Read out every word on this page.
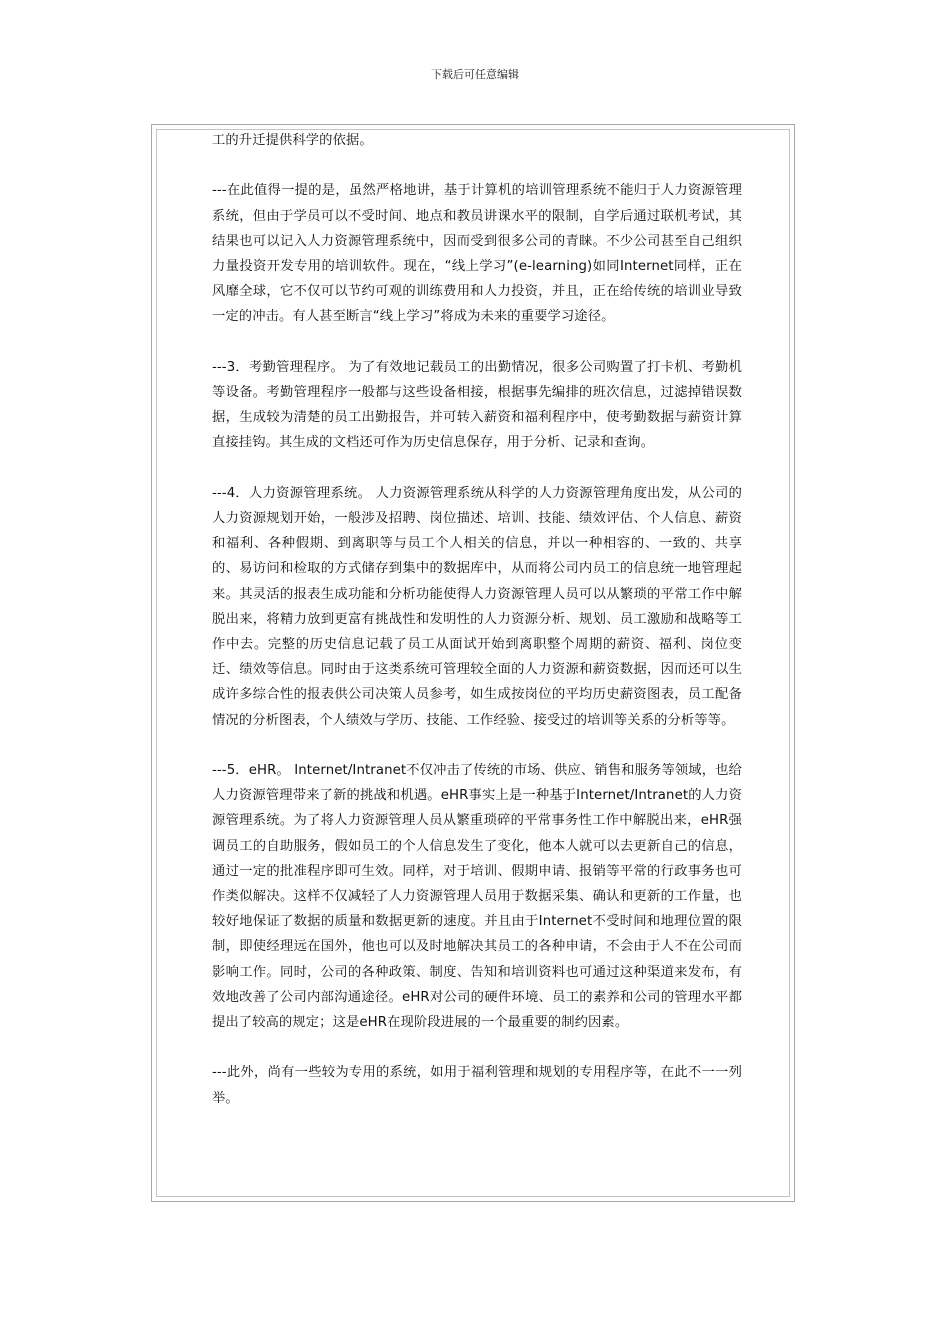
下载后可任意编辑

工的升迁提供科学的依据。

---在此值得一提的是，虽然严格地讲，基于计算机的培训管理系统不能归于人力资源管理系统，但由于学员可以不受时间、地点和教员讲课水平的限制，自学后通过联机考试，其结果也可以记入人力资源管理系统中，因而受到很多公司的青睐。不少公司甚至自己组织力量投资开发专用的培训软件。现在，“线上学习”(e-learning)如同Internet同样，正在风靡全球，它不仅可以节约可观的训练费用和人力投资，并且，正在给传统的培训业导致一定的冲击。有人甚至断言“线上学习”将成为未来的重要学习途径。

---3．考勤管理程序。 为了有效地记载员工的出勤情况，很多公司购置了打卡机、考勤机等设备。考勤管理程序一般都与这些设备相接，根据事先编排的班次信息，过滤掉错误数据，生成较为清楚的员工出勤报告，并可转入薪资和福利程序中，使考勤数据与薪资计算直接挂钩。其生成的文档还可作为历史信息保存，用于分析、记录和查询。

---4．人力资源管理系统。 人力资源管理系统从科学的人力资源管理角度出发，从公司的人力资源规划开始，一般涉及招聘、岗位描述、培训、技能、绩效评估、个人信息、薪资和福利、各种假期、到离职等与员工个人相关的信息，并以一种相容的、一致的、共享的、易访问和检取的方式储存到集中的数据库中，从而将公司内员工的信息统一地管理起来。其灵活的报表生成功能和分析功能使得人力资源管理人员可以从繁琐的平常工作中解脱出来，将精力放到更富有挑战性和发明性的人力资源分析、规划、员工激励和战略等工作中去。完整的历史信息记载了员工从面试开始到离职整个周期的薪资、福利、岗位变迁、绩效等信息。同时由于这类系统可管理较全面的人力资源和薪资数据，因而还可以生成许多综合性的报表供公司决策人员参考，如生成按岗位的平均历史薪资图表，员工配备情况的分析图表，个人绩效与学历、技能、工作经验、接受过的培训等关系的分析等等。

---5．eHR。 Internet/Intranet不仅冲击了传统的市场、供应、销售和服务等领域，也给人力资源管理带来了新的挑战和机遇。eHR事实上是一种基于Internet/Intranet的人力资源管理系统。为了将人力资源管理人员从繁重琐碎的平常事务性工作中解脱出来，eHR强调员工的自助服务，假如员工的个人信息发生了变化，他本人就可以去更新自己的信息，通过一定的批准程序即可生效。同样，对于培训、假期申请、报销等平常的行政事务也可作类似解决。这样不仅减轻了人力资源管理人员用于数据采集、确认和更新的工作量，也较好地保证了数据的质量和数据更新的速度。并且由于Internet不受时间和地理位置的限制，即使经理远在国外，他也可以及时地解决其员工的各种申请，不会由于人不在公司而影响工作。同时，公司的各种政策、制度、告知和培训资料也可通过这种渠道来发布，有效地改善了公司内部沟通途径。eHR对公司的硬件环境、员工的素养和公司的管理水平都提出了较高的规定；这是eHR在现阶段进展的一个最重要的制约因素。

---此外，尚有一些较为专用的系统，如用于福利管理和规划的专用程序等，在此不一一列举。
